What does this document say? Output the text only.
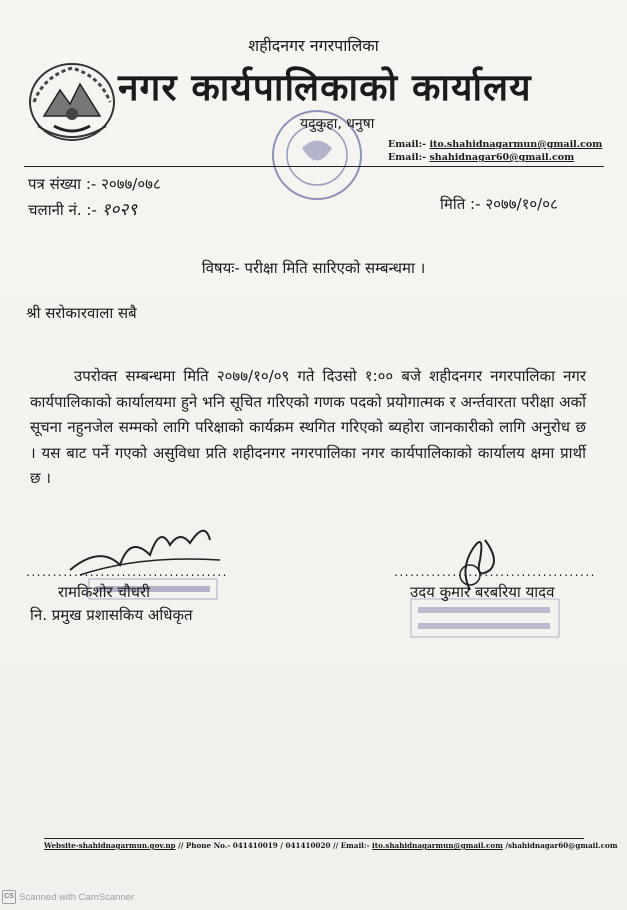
शहीदनगर नगरपालिका
नगर कार्यपालिकाको कार्यालय
यदुकुहा, धनुषा
Email:- ito.shahidnagarmun@gmail.com
Email:- shahidnagar60@gmail.com
पत्र संख्या :- २०७७/०७८
चलानी नं. :- १०२९	मिति :- २०७७/१०/०८
विषयः- परीक्षा मिति सारिएको सम्बन्धमा ।
श्री सरोकारवाला सबै
उपरोक्त सम्बन्धमा मिति २०७७/१०/०९ गते दिउसो १:०० बजे शहीदनगर नगरपालिका नगर कार्यपालिकाको कार्यालयमा हुने भनि सूचित गरिएको गणक पदको प्रयोगात्मक र अर्न्तवारता परीक्षा अर्को सूचना नहुनजेल सम्मको लागि परिक्षाको कार्यक्रम स्थगित गरिएको ब्यहोरा जानकारीको लागि अनुरोध छ । यस बाट पर्ने गएको असुविधा प्रति शहीदनगर नगरपालिका नगर कार्यपालिकाको कार्यालय क्षमा प्रार्थी छ ।
......................................	......................................
रामकिशोर चौधरी
नि. प्रमुख प्रशासकिय अधिकृत
उदय कुमार बरबरिया यादव
Website-shahidnagarmun.gov.np // Phone No.- 041410019 / 041410020 // Email:- ito.shahidnagarmun@gmail.com /shahidnagar60@gmail.com
CS Scanned with CamScanner
